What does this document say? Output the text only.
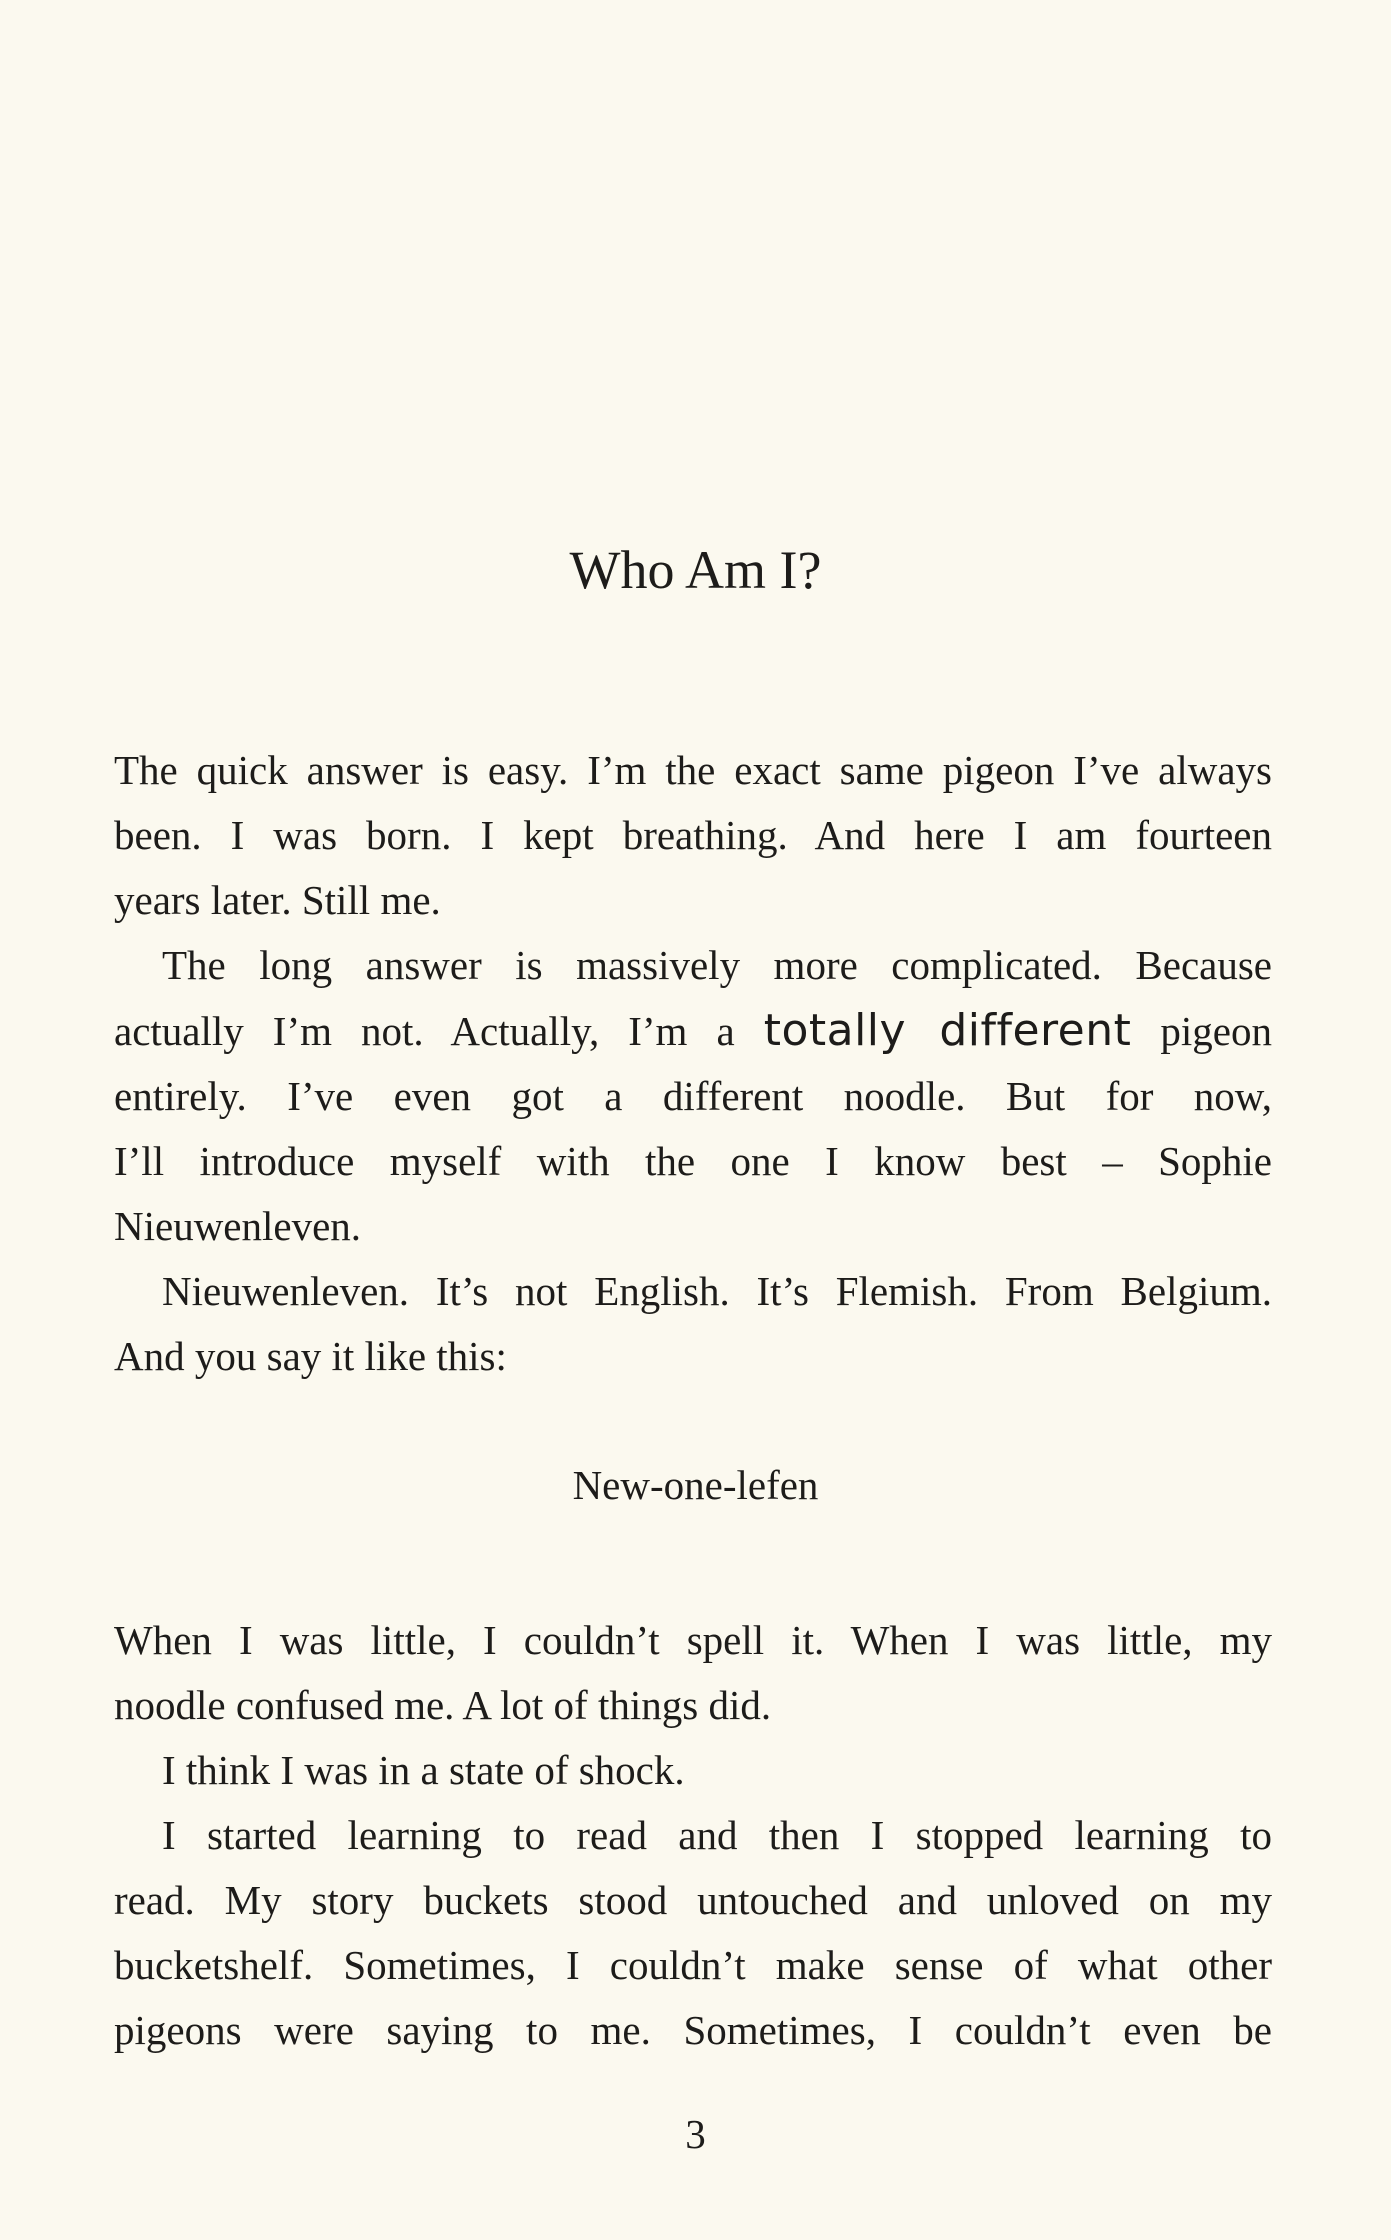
Who Am I?

The quick answer is easy. I’m the exact same pigeon I’ve always

been. I was born. I kept breathing. And here I am fourteen

years later. Still me.

The long answer is massively more complicated. Because

actually I’m not. Actually, I’m a totally different pigeon

entirely. I’ve even got a different noodle. But for now,

I’ll introduce myself with the one I know best – Sophie

Nieuwenleven.

Nieuwenleven. It’s not English. It’s Flemish. From Belgium.

And you say it like this:

New-one-lefen

When I was little, I couldn’t spell it. When I was little, my

noodle confused me. A lot of things did.

I think I was in a state of shock.

I started learning to read and then I stopped learning to

read. My story buckets stood untouched and unloved on my

bucketshelf. Sometimes, I couldn’t make sense of what other

pigeons were saying to me. Sometimes, I couldn’t even be

3
